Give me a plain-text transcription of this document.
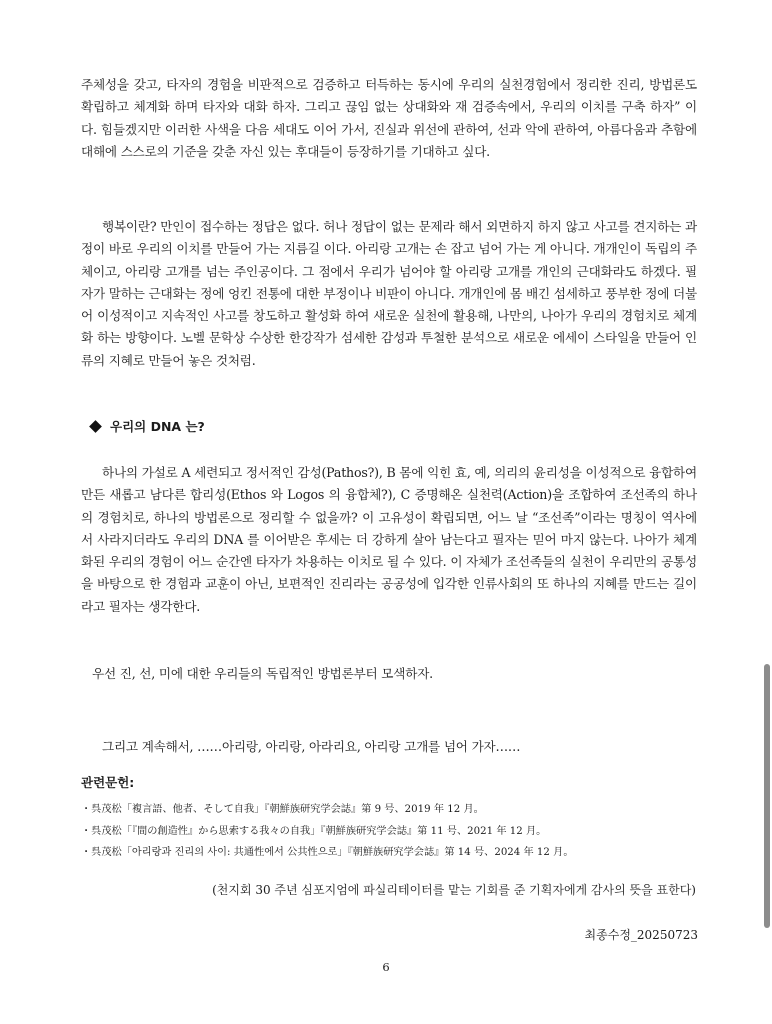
주체성을 갖고, 타자의 경험을 비판적으로 검증하고 터득하는 동시에 우리의 실천경험에서 정리한 진리, 방법론도 확립하고 체계화 하며 타자와 대화 하자. 그리고 끊임 없는 상대화와 재 검증속에서, 우리의 이치를 구축 하자” 이다. 힘들겠지만 이러한 사색을 다음 세대도 이어 가서, 진실과 위선에 관하여, 선과 악에 관하여, 아름다움과 추함에 대해에 스스로의 기준을 갖춘 자신 있는 후대들이 등장하기를 기대하고 싶다.

행복이란? 만인이 접수하는 정답은 없다. 허나 정답이 없는 문제라 해서 외면하지 하지 않고 사고를 견지하는 과정이 바로 우리의 이치를 만들어 가는 지름길 이다. 아리랑 고개는 손 잡고 넘어 가는 게 아니다. 개개인이 독립의 주체이고, 아리랑 고개를 넘는 주인공이다. 그 점에서 우리가 넘어야 할 아리랑 고개를 개인의 근대화라도 하겠다. 필자가 말하는 근대화는 정에 엉킨 전통에 대한 부정이나 비판이 아니다. 개개인에 몸 배긴 섬세하고 풍부한 정에 더불어 이성적이고 지속적인 사고를 창도하고 활성화 하여 새로운 실천에 활용해, 나만의, 나아가 우리의 경험치로 체계화 하는 방향이다. 노벨 문학상 수상한 한강작가 섬세한 감성과 투철한 분석으로 새로운 에세이 스타일을 만들어 인류의 지혜로 만들어 놓은 것처럼.

우리의 DNA 는?

하나의 가설로 A 세련되고 정서적인 감성(Pathos?), B 몸에 익힌 효, 예, 의리의 윤리성을 이성적으로 융합하여 만든 새롭고 남다른 합리성(Ethos 와 Logos 의 융합체?), C 증명해온 실천력(Action)을 조합하여 조선족의 하나의 경험치로, 하나의 방법론으로 정리할 수 없을까? 이 고유성이 확립되면, 어느 날 “조선족”이라는 명칭이 역사에서 사라지더라도 우리의 DNA 를 이어받은 후세는 더 강하게 살아 남는다고 필자는 믿어 마지 않는다. 나아가 체계화된 우리의 경험이 어느 순간엔 타자가 차용하는 이치로 될 수 있다. 이 자체가 조선족들의 실천이 우리만의 공통성을 바탕으로 한 경험과 교훈이 아닌, 보편적인 진리라는 공공성에 입각한 인류사회의 또 하나의 지혜를 만드는 길이라고 필자는 생각한다.

우선 진, 선, 미에 대한 우리들의 독립적인 방법론부터 모색하자.

그리고 계속해서, ……아리랑, 아리랑, 아라리요, 아리랑 고개를 넘어 가자……

관련문헌:
・呉茂松「複言語、他者、そして自我」『朝鮮族研究学会誌』第 9 号、2019 年 12 月。
・呉茂松「『間の創造性』から思索する我々の自我」『朝鮮族研究学会誌』第 11 号、2021 年 12 月。
・呉茂松「아리랑과 진리의 사이: 共通性에서 公共性으로」『朝鮮族研究学会誌』第 14 号、2024 年 12 月。
(천지회 30 주년 심포지엄에 파실리테이터를 맡는 기회를 준 기획자에게 감사의 뜻을 표한다)
최종수정_20250723
6
